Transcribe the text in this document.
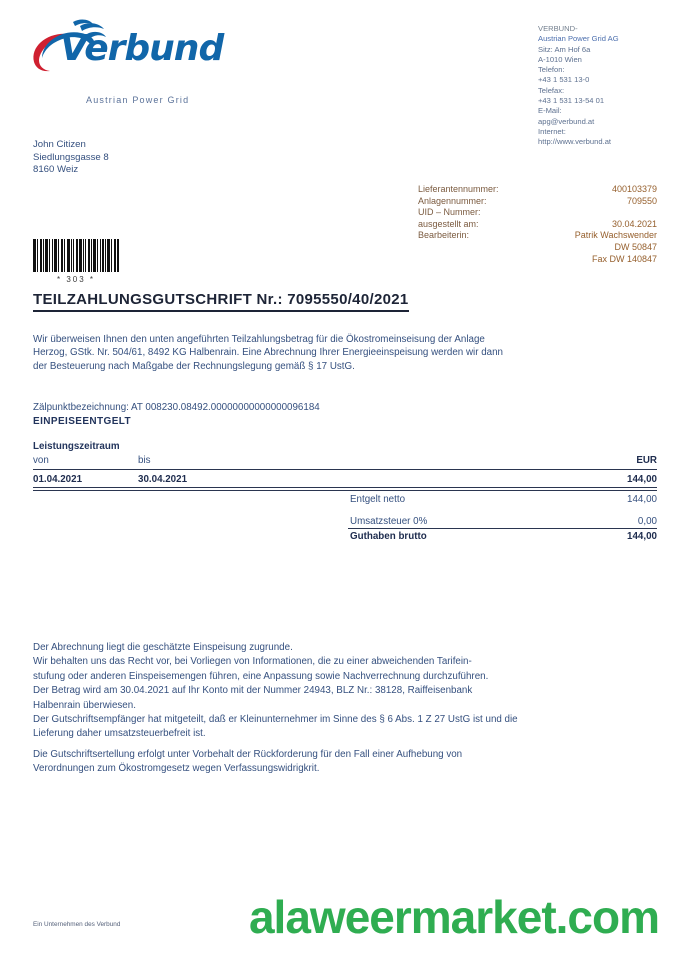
Verbund
Austrian Power Grid
VERBUND-
Austrian Power Grid AG
Sitz: Am Hof 6a
A-1010 Wien
Telefon:
+43 1 531 13-0
Telefax:
+43 1 531 13-54 01
E-Mail:
apg@verbund.at
Internet:
http://www.verbund.at
John Citizen
Siedlungsgasse 8
8160 Weiz
Lieferantennummer:	400103379
Anlagennummer:	709550
UID – Nummer:
ausgestellt am:	30.04.2021
Bearbeiterin:	Patrik Wachswender
DW 50847
Fax DW 140847
* 303 *
TEILZAHLUNGSGUTSCHRIFT Nr.: 7095550/40/2021
Wir überweisen Ihnen den unten angeführten Teilzahlungsbetrag für die Ökostromeinseisung der Anlage
Herzog, GStk. Nr. 504/61, 8492 KG Halbenrain. Eine Abrechnung Ihrer Energieeinspeisung werden wir dann
der Besteuerung nach Maßgabe der Rechnungslegung gemäß § 17 UstG.
Zälpunktbezeichnung: AT 008230.08492.00000000000000096184
EINPEISEENTGELT
Leistungszeitraum
von	bis	EUR
01.04.2021	30.04.2021	144,00
Entgelt netto	144,00
Umsatzsteuer 0%	0,00
Guthaben brutto	144,00
Der Abrechnung liegt die geschätzte Einspeisung zugrunde.
Wir behalten uns das Recht vor, bei Vorliegen von Informationen, die zu einer abweichenden Tarifein-
stufung oder anderen Einspeisemengen führen, eine Anpassung sowie Nachverrechnung durchzuführen.
Der Betrag wird am 30.04.2021 auf Ihr Konto mit der Nummer 24943, BLZ Nr.: 38128, Raiffeisenbank
Halbenrain überwiesen.
Der Gutschriftsempfänger hat mitgeteilt, daß er Kleinunternehmer im Sinne des § 6 Abs. 1 Z 27 UstG ist und die
Lieferung daher umsatzsteuerbefreit ist.
Die Gutschriftsertellung erfolgt unter Vorbehalt der Rückforderung für den Fall einer Aufhebung von
Verordnungen zum Ökostromgesetz wegen Verfassungswidrigkrit.
Ein Unternehmen des Verbund	alaweermarket.com
